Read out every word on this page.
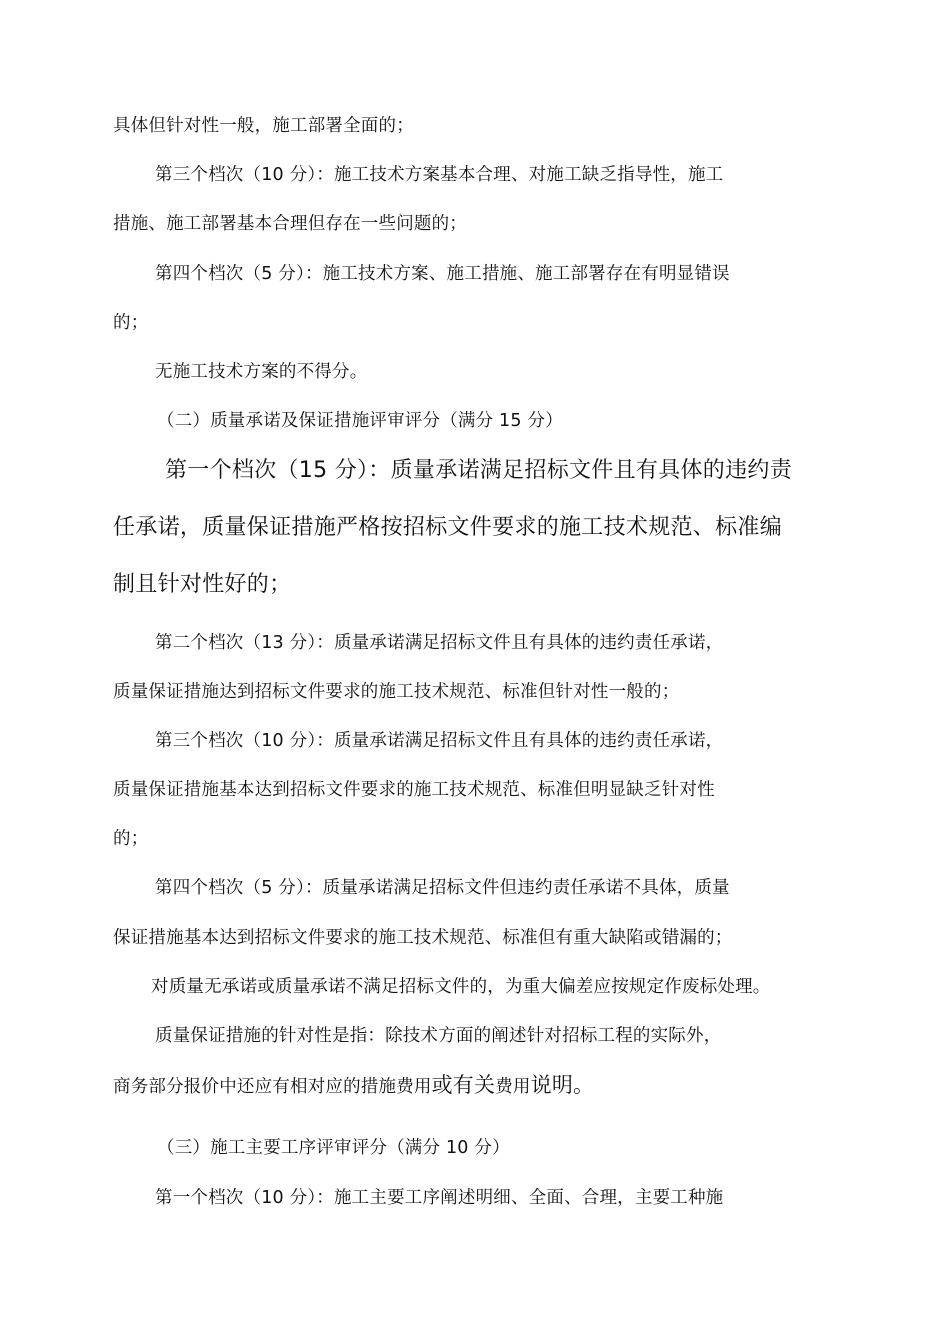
具体但针对性一般，施工部署全面的；
第三个档次（10 分）：施工技术方案基本合理、对施工缺乏指导性，施工
措施、施工部署基本合理但存在一些问题的；
第四个档次（5 分）：施工技术方案、施工措施、施工部署存在有明显错误
的；
无施工技术方案的不得分。
（二）质量承诺及保证措施评审评分（满分 15 分）
第一个档次（15 分）：质量承诺满足招标文件且有具体的违约责
任承诺，质量保证措施严格按招标文件要求的施工技术规范、标准编
制且针对性好的；
第二个档次（13 分）：质量承诺满足招标文件且有具体的违约责任承诺，
质量保证措施达到招标文件要求的施工技术规范、标准但针对性一般的；
第三个档次（10 分）：质量承诺满足招标文件且有具体的违约责任承诺，
质量保证措施基本达到招标文件要求的施工技术规范、标准但明显缺乏针对性
的；
第四个档次（5 分）：质量承诺满足招标文件但违约责任承诺不具体，质量
保证措施基本达到招标文件要求的施工技术规范、标准但有重大缺陷或错漏的；
对质量无承诺或质量承诺不满足招标文件的，为重大偏差应按规定作废标处理。
质量保证措施的针对性是指：除技术方面的阐述针对招标工程的实际外，
商务部分报价中还应有相对应的措施费用或有关费用说明。
（三）施工主要工序评审评分（满分 10 分）
第一个档次（10 分）：施工主要工序阐述明细、全面、合理，主要工种施
